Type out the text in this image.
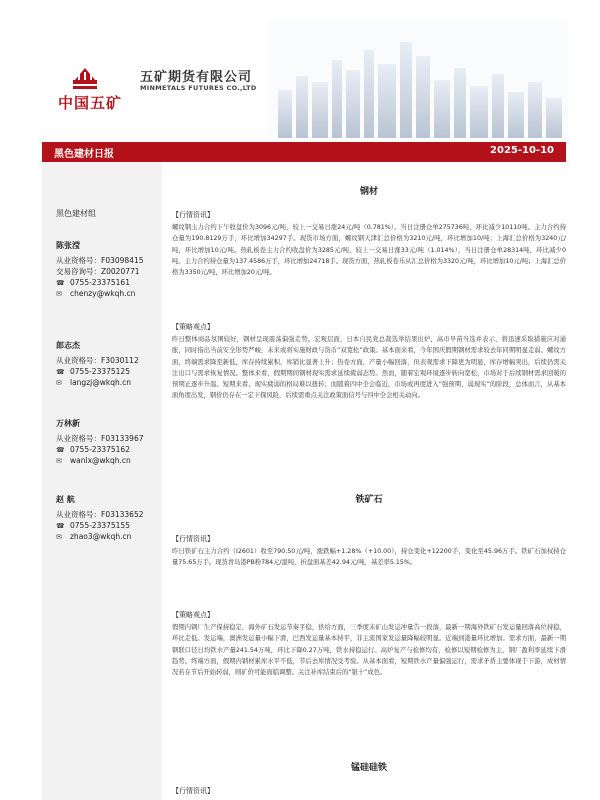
中国五矿
五矿期货有限公司
MINMETALS FUTURES CO.,LTD
黑色建材日报	2025-10-10
黑色建材组
陈张滢
从业资格号：F03098415
交易咨询号：Z0020771
☎ 0755-23375161
✉	chenzy@wkqh.cn
郎志杰
从业资格号：F3030112
☎ 0755-23375125
✉	langzj@wkqh.cn
万林新
从业资格号：F03133967
☎ 0755-23375162
✉	wanlx@wkqh.cn
赵 航
从业资格号：F03133652
☎ 0755-23375155
✉	zhao3@wkqh.cn
钢材
【行情资讯】
螺纹钢主力合约下午收盘价为3096元/吨，较上一交易日涨24元/吨（0.781%）。当日注册仓单275736吨，环比减少10110吨。主力合约持仓量为190.8129万手，环比增加34297手。现货市场方面，螺纹钢天津汇总价格为3210元/吨，环比增加10/吨；上海汇总价格为3240元/吨，环比增加10元/吨。热轧板卷主力合约收盘价为3285元/吨，较上一交易日涨33元/吨（1.014%），当日注册仓单28314吨，环比减少0吨。主力合约持仓量为137.4586万手，环比增加24718手。现货方面，热轧板卷乐从汇总价格为3320元/吨，环比增加10元/吨；上海汇总价格为3350元/吨，环比增加20元/吨。
【策略观点】
昨日整体商品氛围较好，钢材呈现震荡偏强走势。宏观层面，日本自民党总裁选举结果出炉，高市早苗当选并表示，将迅速采取措施应对通胀，同时指出当前安全形势严峻，未来或将实施财政与货币“双宽松”政策。基本面来看，今年国庆假期钢材需求较去年同期明显走弱。螺纹方面，终端需求降至新低，库存持续累积，库销比显著上升；热卷方面，产量小幅回落，但表观需求下降更为明显，库存增幅突出，后续仍需关注出口与需求恢复情况。整体来看，假期期间钢材现实需求延续疲弱态势。然而，随着宏观环境逐步转向宽松，市场对于后续钢材需求回暖的预期正逐步升温。短期来看，现实疲弱的格局难以扭转；而随着四中全会临近，市场或再度进入“强预期、弱现实”的阶段，总体而言，从基本面角度出发，钢价仍存在一定下探风险，后续需重点关注政策面信号与四中全会相关动向。
铁矿石
【行情资讯】
昨日铁矿石主力合约（I2601）收至790.50元/吨，涨跌幅+1.28%（+10.00），持仓变化+12200手，变化至45.96万手。铁矿石加权持仓量75.65万手。现货青岛港PB粉784元/湿吨，折盘面基差42.94元/吨，基差率5.15%。
【策略观点】
假期内钢厂生产保持稳定，海外矿石发运节奏平稳，供给方面，三季度末矿山发运冲量告一段落，最新一期海外铁矿石发运量回落高位持稳，环比走低。发运端，澳洲发运量小幅下滑，巴西发运量基本持平，非主流国家发运量降幅较明显。近端到港量环比增加。需求方面，最新一期钢联口径日均铁水产量241.54万吨，环比下降0.27万吨，铁水持稳运行。高炉复产与检修均有，检修以短期检修为主，钢厂盈利率延续下滑趋势。终端方面，假期内钢材累库水平不低，节后去库情况受考验。从基本面看，短期铁水产量偏强运行，需求矛盾主要体现于下游，成材情况若在节后开始转弱，则矿价可能面临调整。关注补库结束后的“银十”成色。
锰硅硅铁
【行情资讯】
